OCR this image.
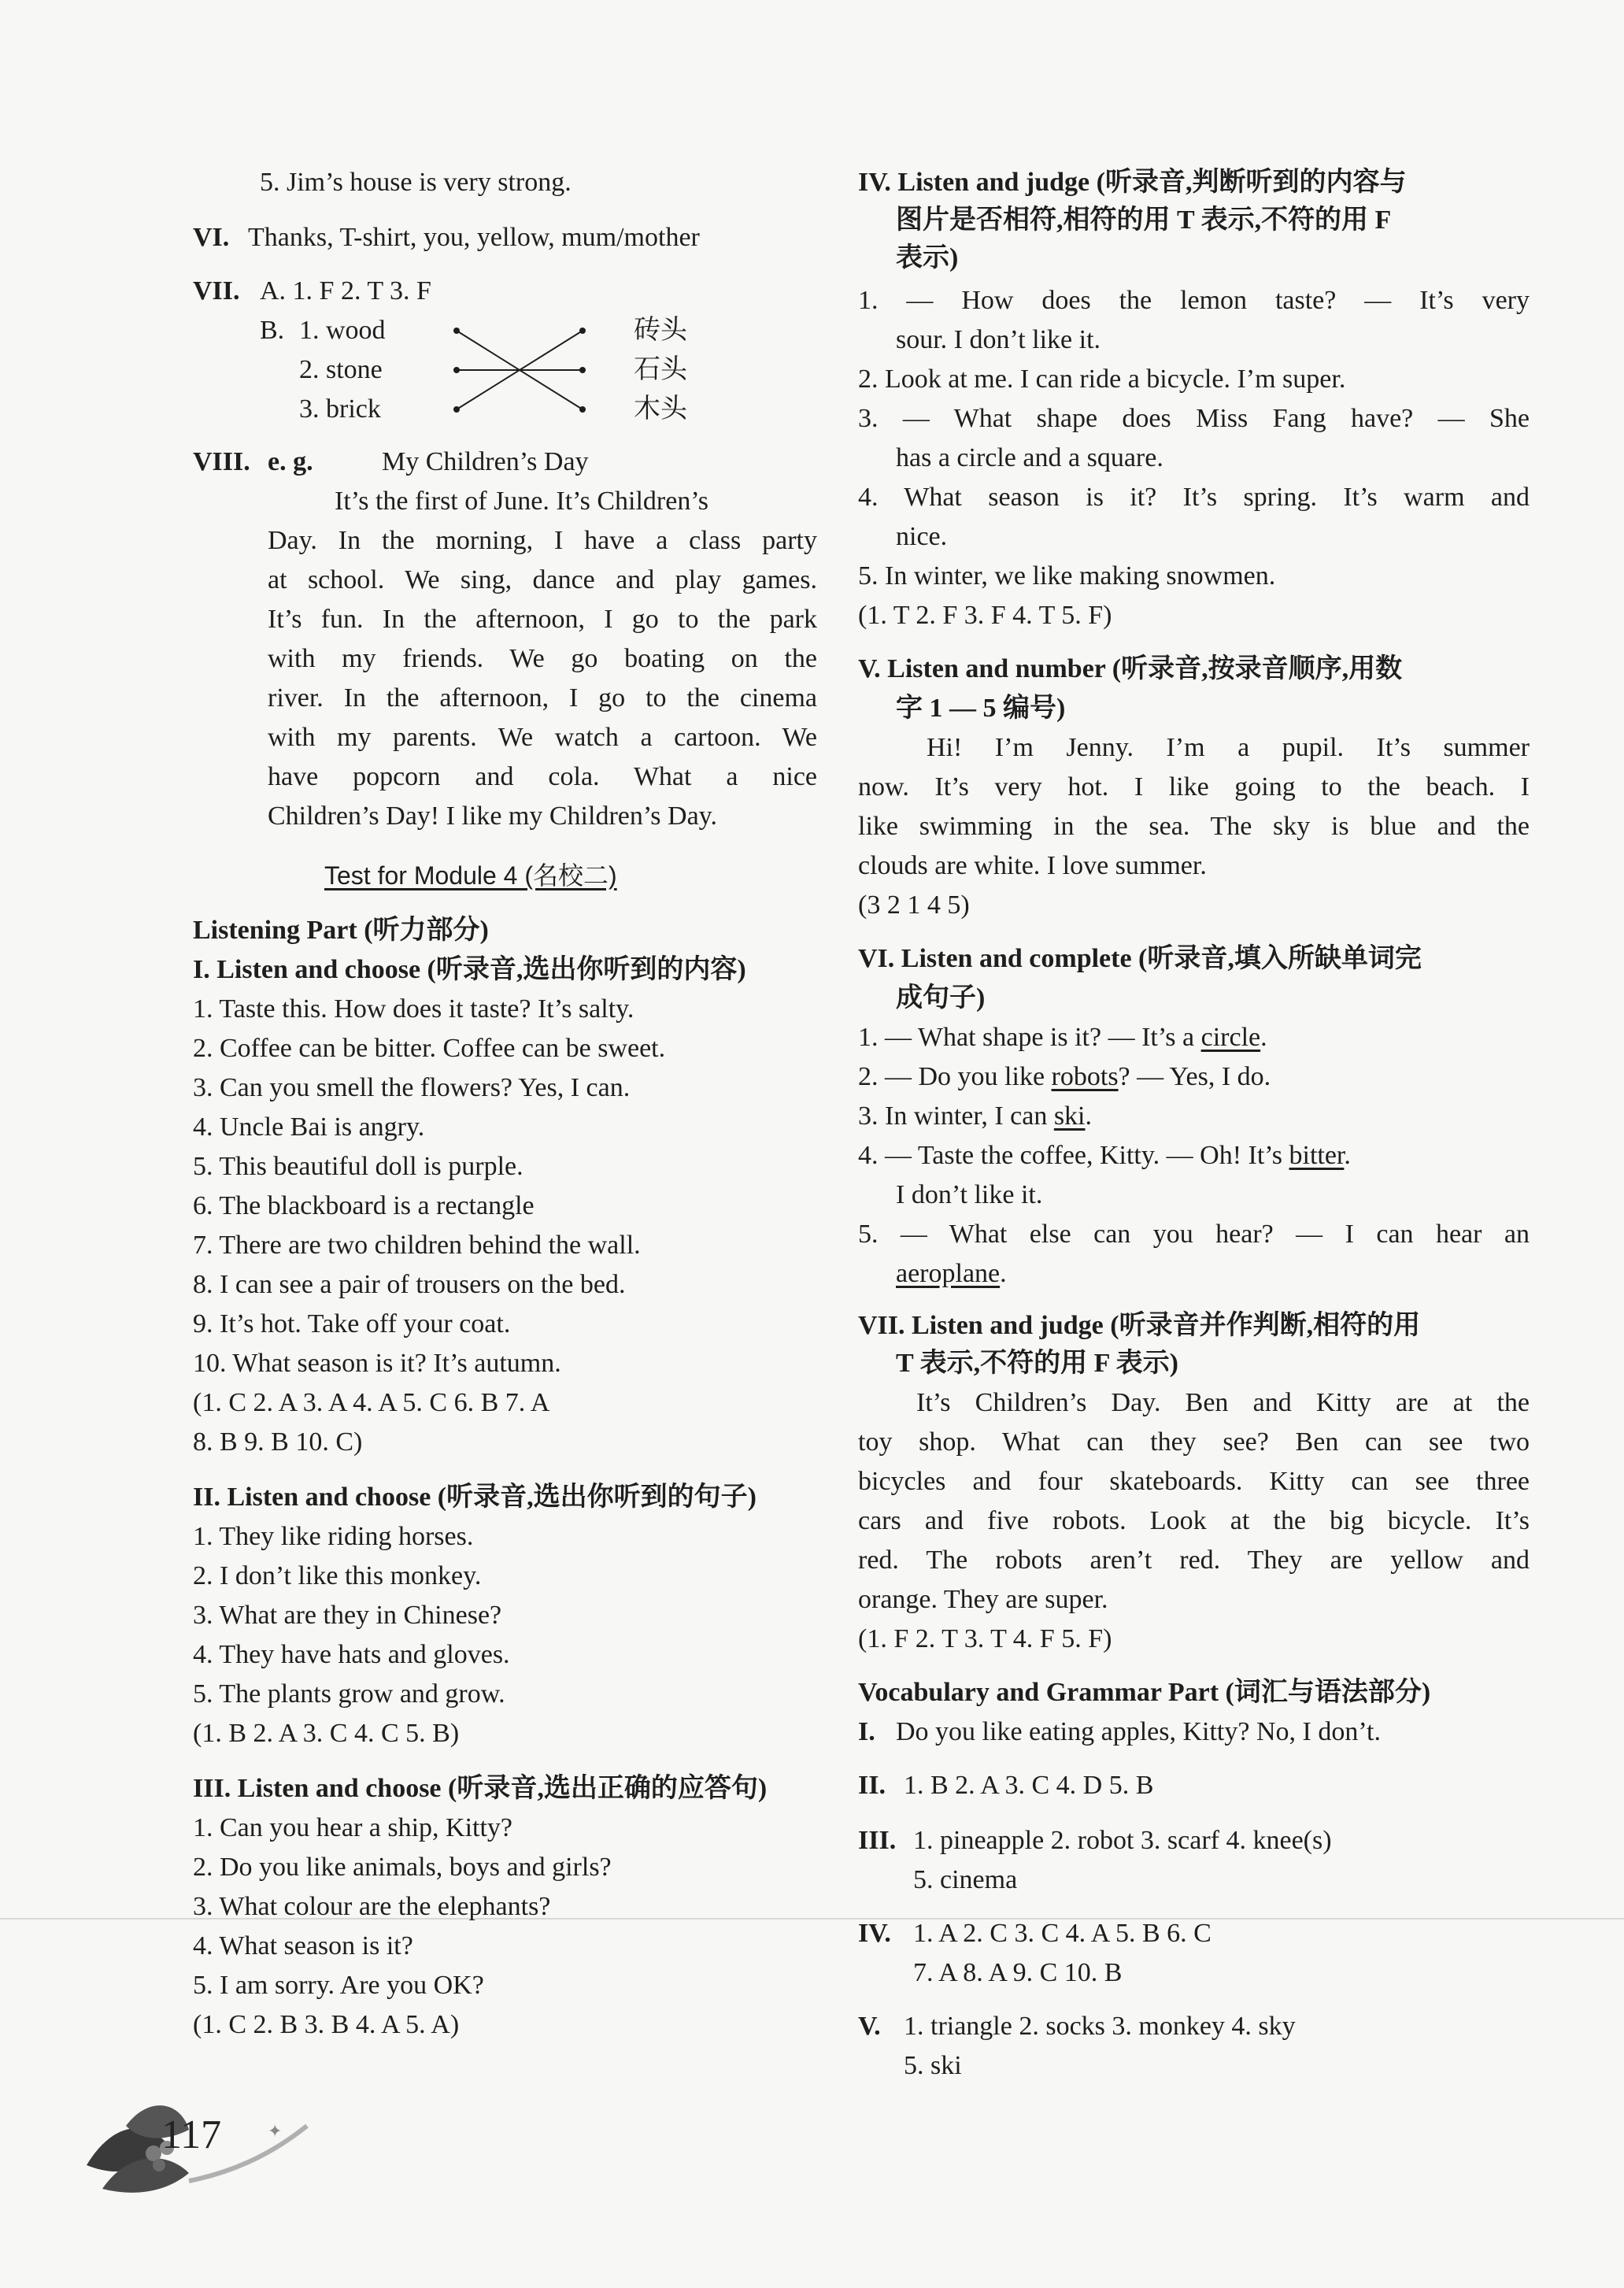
5. Jim’s house is very strong.
VI. Thanks, T-shirt, you, yellow, mum/mother
VII. A. 1. F 2. T 3. F
B. 1. wood
2. stone
3. brick
砖头
石头
木头
VIII. e. g.	My Children’s Day
It’s the first of June. It’s Children’s
Day. In the morning, I have a class party
at school. We sing, dance and play games.
It’s fun. In the afternoon, I go to the park
with my friends. We go boating on the
river. In the afternoon, I go to the cinema
with my parents. We watch a cartoon. We
have popcorn and cola. What a nice
Children’s Day! I like my Children’s Day.
Test for Module 4 (名校二)
Listening Part (听力部分)
I. Listen and choose (听录音,选出你听到的内容)
1. Taste this. How does it taste? It’s salty.
2. Coffee can be bitter. Coffee can be sweet.
3. Can you smell the flowers? Yes, I can.
4. Uncle Bai is angry.
5. This beautiful doll is purple.
6. The blackboard is a rectangle
7. There are two children behind the wall.
8. I can see a pair of trousers on the bed.
9. It’s hot. Take off your coat.
10. What season is it? It’s autumn.
(1. C 2. A 3. A 4. A 5. C 6. B 7. A
8. B 9. B 10. C)
II. Listen and choose (听录音,选出你听到的句子)
1. They like riding horses.
2. I don’t like this monkey.
3. What are they in Chinese?
4. They have hats and gloves.
5. The plants grow and grow.
(1. B 2. A 3. C 4. C 5. B)
III. Listen and choose (听录音,选出正确的应答句)
1. Can you hear a ship, Kitty?
2. Do you like animals, boys and girls?
3. What colour are the elephants?
4. What season is it?
5. I am sorry. Are you OK?
(1. C 2. B 3. B 4. A 5. A)
✦
117
IV. Listen and judge (听录音,判断听到的内容与
图片是否相符,相符的用 T 表示,不符的用 F
表示)
1. — How does the lemon taste? — It’s very
sour. I don’t like it.
2. Look at me. I can ride a bicycle. I’m super.
3. — What shape does Miss Fang have? — She
has a circle and a square.
4. What season is it? It’s spring. It’s warm and
nice.
5. In winter, we like making snowmen.
(1. T 2. F 3. F 4. T 5. F)
V. Listen and number (听录音,按录音顺序,用数
字 1 — 5 编号)
Hi! I’m Jenny. I’m a pupil. It’s summer
now. It’s very hot. I like going to the beach. I
like swimming in the sea. The sky is blue and the
clouds are white. I love summer.
(3 2 1 4 5)
VI. Listen and complete (听录音,填入所缺单词完
成句子)
1. — What shape is it? — It’s a circle.
2. — Do you like robots? — Yes, I do.
3. In winter, I can ski.
4. — Taste the coffee, Kitty. — Oh! It’s bitter.
I don’t like it.
5. — What else can you hear? — I can hear an
aeroplane.
VII. Listen and judge (听录音并作判断,相符的用
T 表示,不符的用 F 表示)
It’s Children’s Day. Ben and Kitty are at the
toy shop. What can they see? Ben can see two
bicycles and four skateboards. Kitty can see three
cars and five robots. Look at the big bicycle. It’s
red. The robots aren’t red. They are yellow and
orange. They are super.
(1. F 2. T 3. T 4. F 5. F)
Vocabulary and Grammar Part (词汇与语法部分)
I. Do you like eating apples, Kitty? No, I don’t.
II. 1. B 2. A 3. C 4. D 5. B
III. 1. pineapple 2. robot 3. scarf 4. knee(s)
5. cinema
IV. 1. A 2. C 3. C 4. A 5. B 6. C
7. A 8. A 9. C 10. B
V. 1. triangle 2. socks 3. monkey 4. sky
5. ski
